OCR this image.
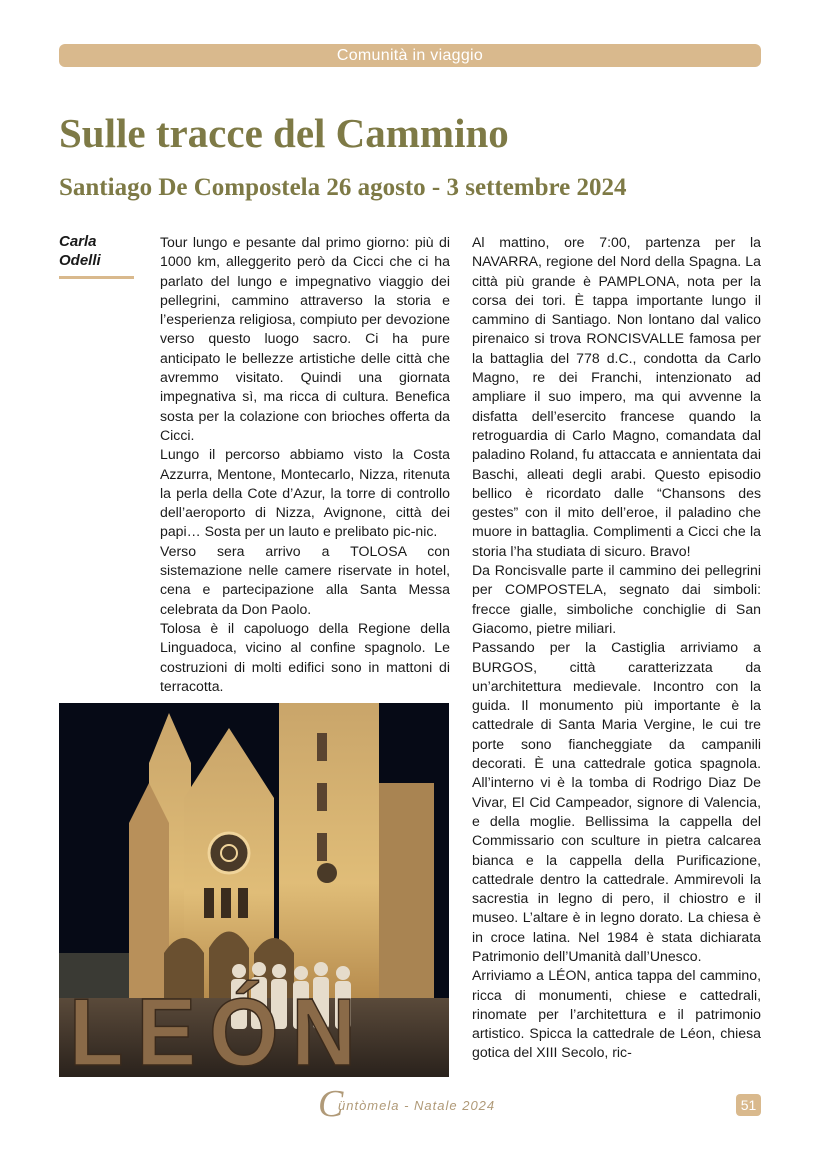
Comunità in viaggio
Sulle tracce del Cammino
Santiago De Compostela 26 agosto - 3 settembre 2024
Carla
Odelli

Tour lungo e pesante dal primo giorno: più di 1000 km, alleggerito però da Cicci che ci ha parlato del lungo e impegnativo viaggio dei pellegrini, cammino attraverso la storia e l’esperienza religiosa, compiuto per devozione verso questo luogo sacro. Ci ha pure anticipato le bellezze artistiche delle città che avremmo visitato. Quindi una giornata impegnativa sì, ma ricca di cultura. Benefica sosta per la colazione con brioches offerta da Cicci.

Lungo il percorso abbiamo visto la Costa Azzurra, Mentone, Montecarlo, Nizza, ritenuta la perla della Cote d’Azur, la torre di controllo dell’aeroporto di Nizza, Avignone, città dei papi… Sosta per un lauto e prelibato pic-nic.

Verso sera arrivo a TOLOSA con sistemazione nelle camere riservate in hotel, cena e partecipazione alla Santa Messa celebrata da Don Paolo.

Tolosa è il capoluogo della Regione della Linguadoca, vicino al confine spagnolo. Le costruzioni di molti edifici sono in mattoni di terracotta.

Al mattino, ore 7:00, partenza per la NAVARRA, regione del Nord della Spagna. La città più grande è PAMPLONA, nota per la corsa dei tori. È tappa importante lungo il cammino di Santiago. Non lontano dal valico pirenaico si trova RONCISVALLE famosa per la battaglia del 778 d.C., condotta da Carlo Magno, re dei Franchi, intenzionato ad ampliare il suo impero, ma qui avvenne la disfatta dell’esercito francese quando la retroguardia di Carlo Magno, comandata dal paladino Roland, fu attaccata e annientata dai Baschi, alleati degli arabi. Questo episodio bellico è ricordato dalle “Chansons des gestes” con il mito dell’eroe, il paladino che muore in battaglia. Complimenti a Cicci che la storia l’ha studiata di sicuro. Bravo!

Da Roncisvalle parte il cammino dei pellegrini per COMPOSTELA, segnato dai simboli: frecce gialle, simboliche conchiglie di San Giacomo, pietre miliari.

Passando per la Castiglia arriviamo a BURGOS, città caratterizzata da un’architettura medievale. Incontro con la guida. Il monumento più importante è la cattedrale di Santa Maria Vergine, le cui tre porte sono fiancheggiate da campanili decorati. È una cattedrale gotica spagnola. All’interno vi è la tomba di Rodrigo Diaz De Vivar, El Cid Campeador, signore di Valencia, e della moglie. Bellissima la cappella del Commissario con sculture in pietra calcarea bianca e la cappella della Purificazione, cattedrale dentro la cattedrale. Ammirevoli la sacrestia in legno di pero, il chiostro e il museo. L’altare è in legno dorato. La chiesa è in croce latina. Nel 1984 è stata dichiarata Patrimonio dell’Umanità dall’Unesco.

Arriviamo a LÉON, antica tappa del cammino, ricca di monumenti, chiese e cattedrali, rinomate per l’architettura e il patrimonio artistico. Spicca la cattedrale de Léon, chiesa gotica del XIII Secolo, ric-

LEÓN
C
üntòmela - Natale 2024	51
